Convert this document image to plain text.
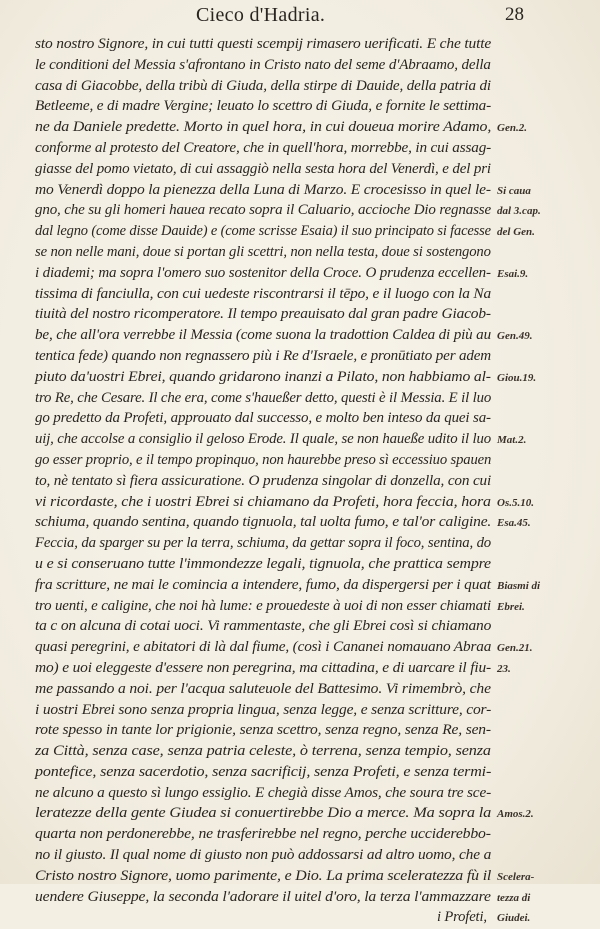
Cieco d'Hadria.	28
sto nostro Signore, in cui tutti questi scempij rimasero uerificati. E che tutte
le conditioni del Messia s'afrontano in Cristo nato del seme d'Abraamo, della
casa di Giacobbe, della tribù di Giuda, della stirpe di Dauide, della patria di
Betleeme, e di madre Vergine; leuato lo scettro di Giuda, e fornite le settima-
ne da Daniele predette. Morto in quel hora, in cui doueua morire Adamo, Gen.2.
conforme al protesto del Creatore, che in quell'hora, morrebbe, in cui assag-
giasse del pomo vietato, di cui assaggiò nella sesta hora del Venerdì, e del pri
mo Venerdì doppo la pienezza della Luna di Marzo. E crocesisso in quel le- Si caua
gno, che su gli homeri hauea recato sopra il Caluario, accioche Dio regnasse dal 3.cap.
dal legno (come disse Dauide) e (come scrisse Esaia) il suo principato si facesse del Gen.
se non nelle mani, doue si portan gli scettri, non nella testa, doue si sostengono
i diademi; ma sopra l'omero suo sostenitor della Croce. O prudenza eccellen- Esai.9.
tissima di fanciulla, con cui uedeste riscontrarsi il tēpo, e il luogo con la Na
tiuità del nostro ricomperatore. Il tempo preauisato dal gran padre Giacob-
be, che all'ora verrebbe il Messia (come suona la tradottion Caldea di più au Gen.49.
tentica fede) quando non regnassero più i Re d'Israele, e pronūtiato per adem
piuto da'uostri Ebrei, quando gridarono inanzi a Pilato, non habbiamo al- Giou.19.
tro Re, che Cesare. Il che era, come s'haueßer detto, questi è il Messia. E il luo
go predetto da Profeti, approuato dal successo, e molto ben inteso da quei sa-
uij, che accolse a consiglio il geloso Erode. Il quale, se non haueße udito il luo Mat.2.
go esser proprio, e il tempo propinquo, non haurebbe preso sì eccessiuo spauen
to, nè tentato sì fiera assicuratione. O prudenza singolar di donzella, con cui
vi ricordaste, che i uostri Ebrei si chiamano da Profeti, hora feccia, hora Os.5.10.
schiuma, quando sentina, quando tignuola, tal uolta fumo, e tal'or caligine. Esa.45.
Feccia, da sparger su per la terra, schiuma, da gettar sopra il foco, sentina, do
u e si conseruano tutte l'immondezze legali, tignuola, che prattica sempre
fra scritture, ne mai le comincia a intendere, fumo, da dispergersi per i quat Biasmi di
tro uenti, e caligine, che noi hà lume: e prouedeste à uoi di non esser chiamati Ebrei.
ta c on alcuna di cotai uoci. Vi rammentaste, che gli Ebrei così si chiamano
quasi peregrini, e abitatori di là dal fiume, (così i Cananei nomauano Abraa Gen.21.
mo) e uoi eleggeste d'essere non peregrina, ma cittadina, e di uarcare il fiu- 23.
me passando a noi. per l'acqua saluteuole del Battesimo. Vi rimembrò, che
i uostri Ebrei sono senza propria lingua, senza legge, e senza scritture, cor-
rote spesso in tante lor prigionie, senza scettro, senza regno, senza Re, sen-
za Città, senza case, senza patria celeste, ò terrena, senza tempio, senza
pontefice, senza sacerdotio, senza sacrificij, senza Profeti, e senza termi-
ne alcuno a questo sì lungo essiglio. E chegià disse Amos, che soura tre sce-
leratezze della gente Giudea si conuertirebbe Dio a merce. Ma sopra la Amos.2.
quarta non perdonerebbe, ne trasferirebbe nel regno, perche ucciderebbo-
no il giusto. Il qual nome di giusto non può addossarsi ad altro uomo, che a
Cristo nostro Signore, uomo parimente, e Dio. La prima sceleratezza fù il Scelera-
uendere Giuseppe, la seconda l'adorare il uitel d'oro, la terza l'ammazzare tezza di
i Profeti, Giudei.
